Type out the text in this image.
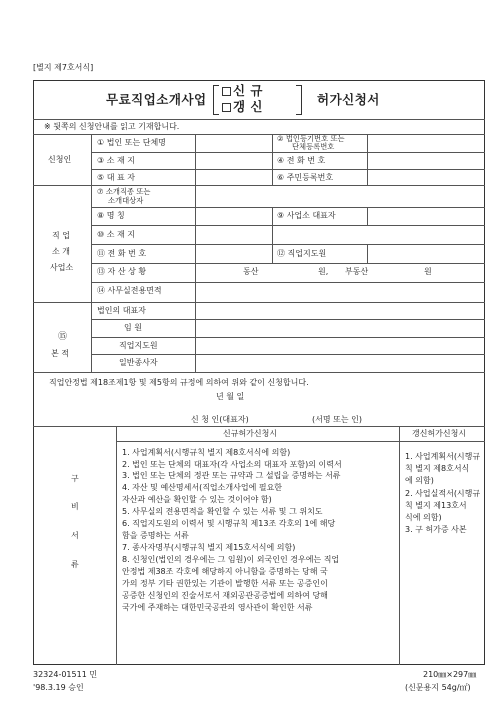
[별지 제7호서식]
무료직업소개사업
신 규
갱 신	허가신청서
※ 뒷쪽의 신청안내를 읽고 기재합니다.
신청인
① 법인 또는 단체명	② 법인등기번호 또는
단체등록번호
③ 소 재 지	④ 전 화 번 호
⑤ 대 표 자	⑥ 주민등록번호
직 업
소 개
사업소
⑦ 소개직종 또는
소개대상자
⑧ 명 칭	⑨ 사업소 대표자
⑩ 소 재 지
⑪ 전 화 번 호	⑫ 직업지도원
⑬ 자 산 상 황	동산	원, 부동산	원
⑭ 사무실전용면적
법인의 대표자
⑮
본 적
임 원
직업지도원
일반종사자
직업안정법 제18조제1항 및 제5항의 규정에 의하여 위와 같이 신청합니다.
년 월 일
신 청 인(대표자)	(서명 또는 인)
구
비
서
류
신규허가신청시	갱신허가신청시
1. 사업계획서(시행규칙 별지 제8호서식에 의함)
2. 법인 또는 단체의 대표자(각 사업소의 대표자 포함)의 이력서
3. 법인 또는 단체의 정관 또는 규약과 그 설립을 증명하는 서류
4. 자산 및 예산명세서(직업소개사업에 필요한
자산과 예산을 확인할 수 있는 것이어야 함)
5. 사무실의 전용면적을 확인할 수 있는 서류 및 그 위치도
6. 직업지도원의 이력서 및 시행규칙 제13조 각호의 1에 해당
함을 증명하는 서류
7. 종사자명부(시행규칙 별지 제15호서식에 의함)
8. 신청인(법인의 경우에는 그 임원)이 외국인인 경우에는 직업
안정법 제38조 각호에 해당하지 아니함을 증명하는 당해 국
가의 정부 기타 권한있는 기관이 발행한 서류 또는 공증인이
공증한 신청인의 진술서로서 재외공관공증법에 의하여 당해
국가에 주재하는 대한민국공관의 영사관이 확인한 서류
1. 사업계획서(시행규
칙 별지 제8호서식
에 의함)
2. 사업실적서(시행규
칙 별지 제13호서
식에 의함)
3. 구 허가증 사본
32324-01511 민
'98.3.19 승인
210㎜×297㎜
(신문용지 54g/㎡)
